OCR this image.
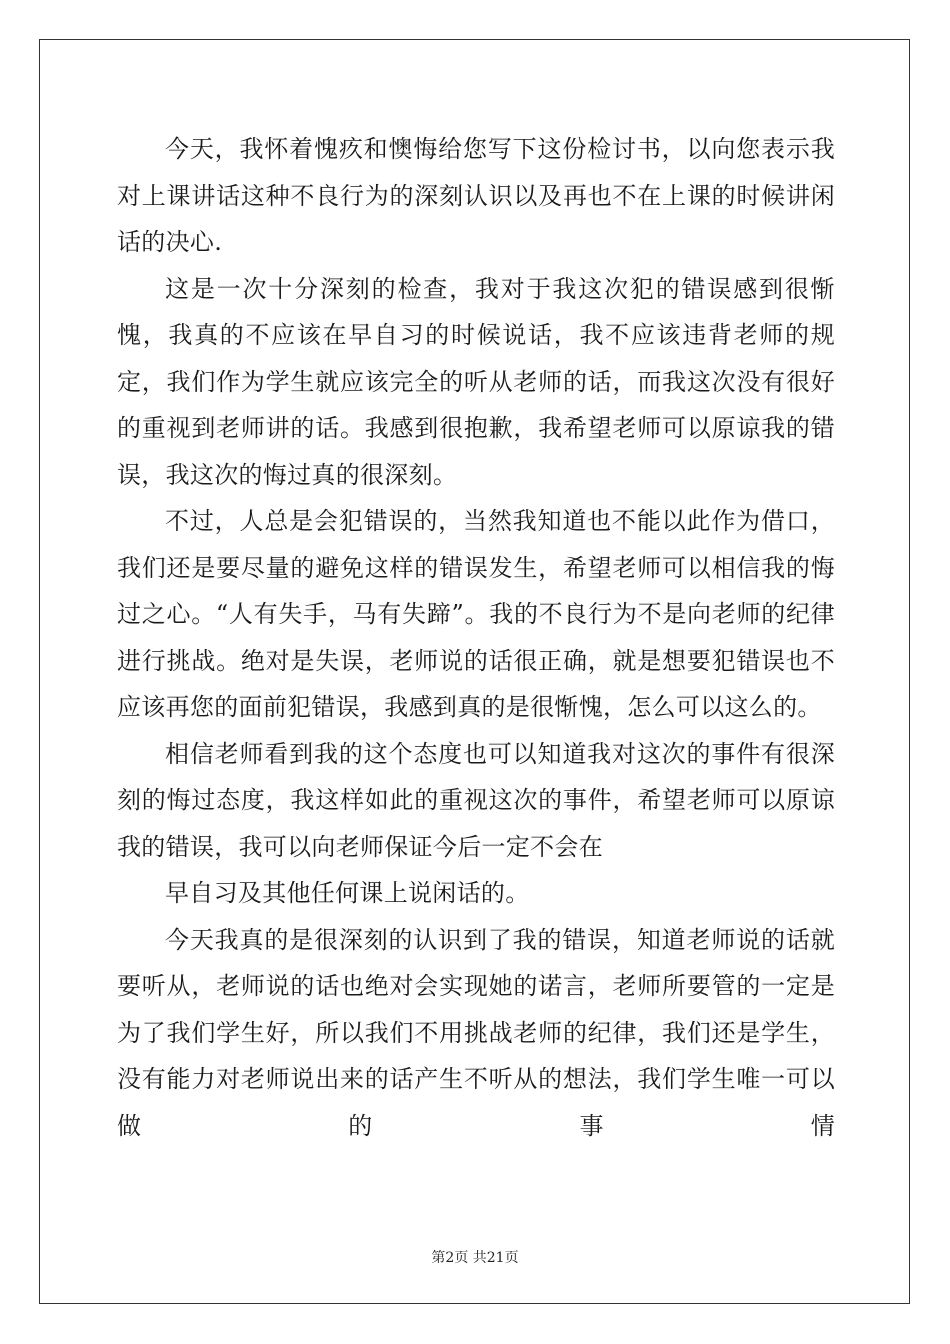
今天，我怀着愧疚和懊悔给您写下这份检讨书，以向您表示我对上课讲话这种不良行为的深刻认识以及再也不在上课的时候讲闲话的决心.

这是一次十分深刻的检查，我对于我这次犯的错误感到很惭愧，我真的不应该在早自习的时候说话，我不应该违背老师的规定，我们作为学生就应该完全的听从老师的话，而我这次没有很好的重视到老师讲的话。我感到很抱歉，我希望老师可以原谅我的错误，我这次的悔过真的很深刻。

不过，人总是会犯错误的，当然我知道也不能以此作为借口，我们还是要尽量的避免这样的错误发生，希望老师可以相信我的悔过之心。“人有失手，马有失蹄”。我的不良行为不是向老师的纪律进行挑战。绝对是失误，老师说的话很正确，就是想要犯错误也不应该再您的面前犯错误，我感到真的是很惭愧，怎么可以这么的。

相信老师看到我的这个态度也可以知道我对这次的事件有很深刻的悔过态度，我这样如此的重视这次的事件，希望老师可以原谅我的错误，我可以向老师保证今后一定不会在

早自习及其他任何课上说闲话的。

今天我真的是很深刻的认识到了我的错误，知道老师说的话就要听从，老师说的话也绝对会实现她的诺言，老师所要管的一定是为了我们学生好，所以我们不用挑战老师的纪律，我们还是学生，没有能力对老师说出来的话产生不听从的想法，我们学生唯一可以做的事情

第2页 共21页
